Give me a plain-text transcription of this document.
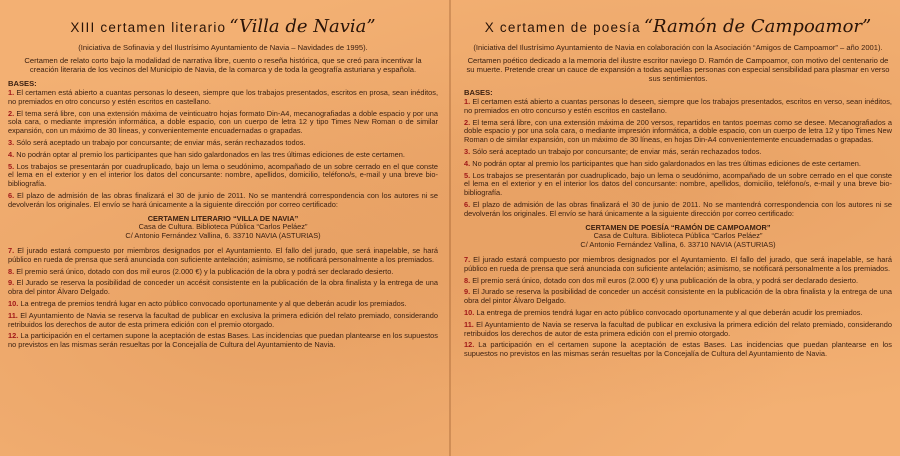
XIII certamen literario “Villa de Navia”
(Iniciativa de Sofinavia y del Ilustrísimo Ayuntamiento de Navia – Navidades de 1995).
Certamen de relato corto bajo la modalidad de narrativa libre, cuento o reseña histórica, que se creó para incentivar la creación literaria de los vecinos del Municipio de Navia, de la comarca y de toda la geografía asturiana y española.
BASES:

1. El certamen está abierto a cuantas personas lo deseen, siempre que los trabajos presentados, escritos en prosa, sean inéditos, no premiados en otro concurso y estén escritos en castellano.

2. El tema será libre, con una extensión máxima de veinticuatro hojas formato Din-A4, mecanografiadas a doble espacio y por una sola cara, o mediante impresión informática, a doble espacio, con un cuerpo de letra 12 y tipo Times New Roman o de similar expansión, con un máximo de 30 líneas, y convenientemente encuadernadas o grapadas.

3. Sólo será aceptado un trabajo por concursante; de enviar más, serán rechazados todos.

4. No podrán optar al premio los participantes que han sido galardonados en las tres últimas ediciones de este certamen.

5. Los trabajos se presentarán por cuadruplicado, bajo un lema o seudónimo, acompañado de un sobre cerrado en el que conste el lema en el exterior y en el interior los datos del concursante: nombre, apellidos, domicilio, teléfono/s, e-mail y una breve bio-bibliografía.

6. El plazo de admisión de las obras finalizará el 30 de junio de 2011. No se mantendrá correspondencia con los autores ni se devolverán los originales. El envío se hará únicamente a la siguiente dirección por correo certificado:

CERTAMEN LITERARIO “VILLA DE NAVIA”
Casa de Cultura. Biblioteca Pública “Carlos Peláez”
C/ Antonio Fernández Vallina, 6. 33710 NAVIA (ASTURIAS)

7. El jurado estará compuesto por miembros designados por el Ayuntamiento. El fallo del jurado, que será inapelable, se hará público en rueda de prensa que será anunciada con suficiente antelación; asimismo, se notificará personalmente a los premiados.

8. El premio será único, dotado con dos mil euros (2.000 €) y la publicación de la obra y podrá ser declarado desierto.

9. El Jurado se reserva la posibilidad de conceder un accésit consistente en la publicación de la obra finalista y la entrega de una obra del pintor Álvaro Delgado.

10. La entrega de premios tendrá lugar en acto público convocado oportunamente y al que deberán acudir los premiados.

11. El Ayuntamiento de Navia se reserva la facultad de publicar en exclusiva la primera edición del relato premiado, considerando retribuidos los derechos de autor de esta primera edición con el premio otorgado.

12. La participación en el certamen supone la aceptación de estas Bases. Las incidencias que puedan plantearse en los supuestos no previstos en las mismas serán resueltas por la Concejalía de Cultura del Ayuntamiento de Navia.

X certamen de poesía “Ramón de Campoamor”
(Iniciativa del Ilustrísimo Ayuntamiento de Navia en colaboración con la Asociación “Amigos de Campoamor” – año 2001).
Certamen poético dedicado a la memoria del ilustre escritor naviego D. Ramón de Campoamor, con motivo del centenario de su muerte. Pretende crear un cauce de expansión a todas aquellas personas con especial sensibilidad para plasmar en verso sus sentimientos.
BASES:

1. El certamen está abierto a cuantas personas lo deseen, siempre que los trabajos presentados, escritos en verso, sean inéditos, no premiados en otro concurso y estén escritos en castellano.

2. El tema será libre, con una extensión máxima de 200 versos, repartidos en tantos poemas como se desee. Mecanografiados a doble espacio y por una sola cara, o mediante impresión informática, a doble espacio, con un cuerpo de letra 12 y tipo Times New Roman o de similar expansión, con un máximo de 30 líneas, en hojas Din-A4 convenientemente encuadernadas o grapadas.

3. Sólo será aceptado un trabajo por concursante; de enviar más, serán rechazados todos.

4. No podrán optar al premio los participantes que han sido galardonados en las tres últimas ediciones de este certamen.

5. Los trabajos se presentarán por cuadruplicado, bajo un lema o seudónimo, acompañado de un sobre cerrado en el que conste el lema en el exterior y en el interior los datos del concursante: nombre, apellidos, domicilio, teléfono/s, e-mail y una breve bio-bibliografía.

6. El plazo de admisión de las obras finalizará el 30 de junio de 2011. No se mantendrá correspondencia con los autores ni se devolverán los originales. El envío se hará únicamente a la siguiente dirección por correo certificado:

CERTAMEN DE POESÍA “RAMÓN DE CAMPOAMOR”
Casa de Cultura. Biblioteca Pública “Carlos Peláez”
C/ Antonio Fernández Vallina, 6. 33710 NAVIA (ASTURIAS)

7. El jurado estará compuesto por miembros designados por el Ayuntamiento. El fallo del jurado, que será inapelable, se hará público en rueda de prensa que será anunciada con suficiente antelación; asimismo, se notificará personalmente a los premiados.

8. El premio será único, dotado con dos mil euros (2.000 €) y una publicación de la obra, y podrá ser declarado desierto.

9. El Jurado se reserva la posibilidad de conceder un accésit consistente en la publicación de la obra finalista y la entrega de una obra del pintor Álvaro Delgado.

10. La entrega de premios tendrá lugar en acto público convocado oportunamente y al que deberán acudir los premiados.

11. El Ayuntamiento de Navia se reserva la facultad de publicar en exclusiva la primera edición del relato premiado, considerando retribuidos los derechos de autor de esta primera edición con el premio otorgado.

12. La participación en el certamen supone la aceptación de estas Bases. Las incidencias que puedan plantearse en los supuestos no previstos en las mismas serán resueltas por la Concejalía de Cultura del Ayuntamiento de Navia.
